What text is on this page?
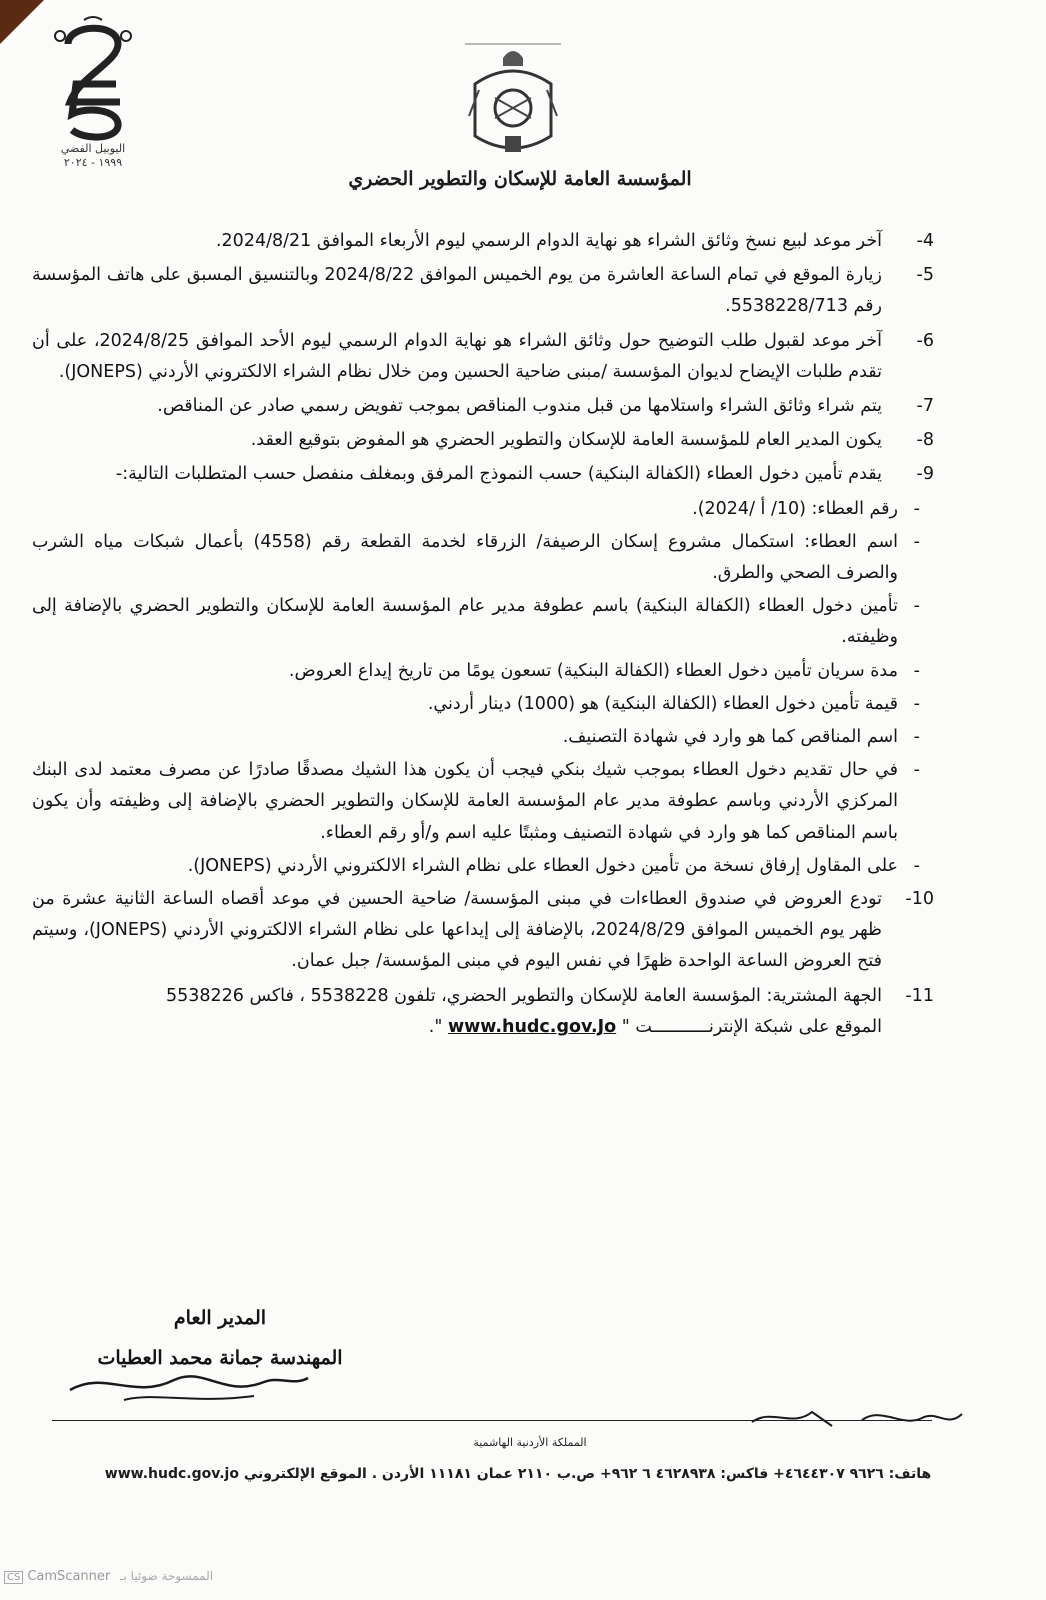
اليوبيل الفضي
١٩٩٩ - ٢٠٢٤
المؤسسة العامة للإسكان والتطوير الحضري
-4
آخر موعد لبيع نسخ وثائق الشراء هو نهاية الدوام الرسمي ليوم الأربعاء الموافق 2024/8/21.
-5
زيارة الموقع في تمام الساعة العاشرة من يوم الخميس الموافق 2024/8/22 وبالتنسيق المسبق على هاتف المؤسسة رقم 5538228/713.
-6
آخر موعد لقبول طلب التوضيح حول وثائق الشراء هو نهاية الدوام الرسمي ليوم الأحد الموافق 2024/8/25، على أن تقدم طلبات الإيضاح لديوان المؤسسة /مبنى ضاحية الحسين ومن خلال نظام الشراء الالكتروني الأردني (JONEPS).
-7
يتم شراء وثائق الشراء واستلامها من قبل مندوب المناقص بموجب تفويض رسمي صادر عن المناقص.
-8
يكون المدير العام للمؤسسة العامة للإسكان والتطوير الحضري هو المفوض بتوقيع العقد.
-9
يقدم تأمين دخول العطاء (الكفالة البنكية) حسب النموذج المرفق وبمغلف منفصل حسب المتطلبات التالية:-
-
رقم العطاء: (10/ أ /2024).
-
اسم العطاء: استكمال مشروع إسكان الرصيفة/ الزرقاء لخدمة القطعة رقم (4558) بأعمال شبكات مياه الشرب والصرف الصحي والطرق.
-
تأمين دخول العطاء (الكفالة البنكية) باسم عطوفة مدير عام المؤسسة العامة للإسكان والتطوير الحضري بالإضافة إلى وظيفته.
-
مدة سريان تأمين دخول العطاء (الكفالة البنكية) تسعون يومًا من تاريخ إيداع العروض.
-
قيمة تأمين دخول العطاء (الكفالة البنكية) هو (1000) دينار أردني.
-
اسم المناقص كما هو وارد في شهادة التصنيف.
-
في حال تقديم دخول العطاء بموجب شيك بنكي فيجب أن يكون هذا الشيك مصدقًا صادرًا عن مصرف معتمد لدى البنك المركزي الأردني وباسم عطوفة مدير عام المؤسسة العامة للإسكان والتطوير الحضري بالإضافة إلى وظيفته وأن يكون باسم المناقص كما هو وارد في شهادة التصنيف ومثبتًا عليه اسم و/أو رقم العطاء.
-
على المقاول إرفاق نسخة من تأمين دخول العطاء على نظام الشراء الالكتروني الأردني (JONEPS).
-10
تودع العروض في صندوق العطاءات في مبنى المؤسسة/ ضاحية الحسين في موعد أقصاه الساعة الثانية عشرة من ظهر يوم الخميس الموافق 2024/8/29، بالإضافة إلى إيداعها على نظام الشراء الالكتروني الأردني (JONEPS)، وسيتم فتح العروض الساعة الواحدة ظهرًا في نفس اليوم في مبنى المؤسسة/ جبل عمان.
-11
الجهة المشترية: المؤسسة العامة للإسكان والتطوير الحضري، تلفون 5538228 ، فاكس 5538226
الموقع على شبكة الإنترنـــــــــــت " www.hudc.gov.Jo ".
المدير العام
المهندسة جمانة محمد العطيات
المملكة الأردنية الهاشمية
هاتف: ٩٦٢٦ ٤٦٤٤٣٠٧+ فاكس: ٤٦٢٨٩٣٨ ٦ ٩٦٢+ ص.ب ٢١١٠ عمان ١١١٨١ الأردن . الموقع الإلكتروني www.hudc.gov.jo
CS CamScanner الممسوحة ضوئيا بـ
